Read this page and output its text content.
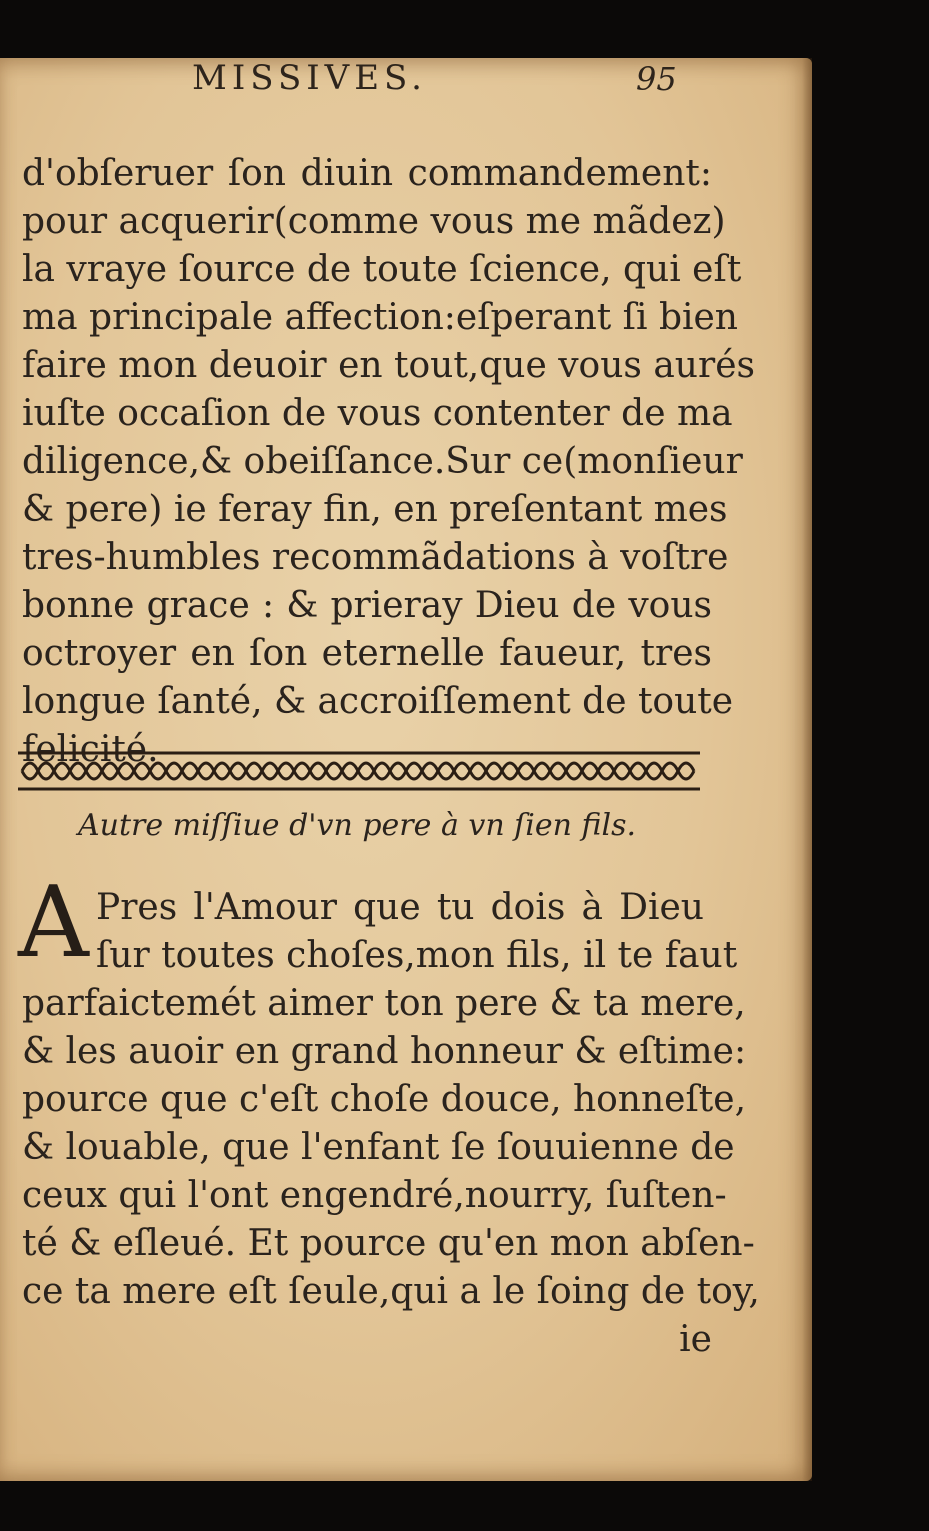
MISSIVES.	95
d'obſeruer ſon diuin commandement:
pour acquerir(comme vous me mãdez)
la vraye ſource de toute ſcience, qui eſt
ma principale affection:eſperant ſi bien
faire mon deuoir en tout,que vous aurés
iuſte occaſion de vous contenter de ma
diligence,& obeiſſance.Sur ce(monſieur
& pere) ie feray fin, en preſentant mes
tres-humbles recommãdations à voſtre
bonne grace : & prieray Dieu de vous
octroyer en ſon eternelle faueur, tres
longue ſanté, & accroiſſement de toute
felicité.
Autre miſſiue d'vn pere à vn ſien fils.
A Pres l'Amour que tu dois à Dieu
ſur toutes choſes,mon fils, il te faut
parfaictemét aimer ton pere & ta mere,
& les auoir en grand honneur & eſtime:
pource que c'eſt choſe douce, honneſte,
& louable, que l'enfant ſe ſouuienne de
ceux qui l'ont engendré,nourry, ſuſten-
té & eſleué. Et pource qu'en mon abſen-
ce ta mere eſt ſeule,qui a le ſoing de toy,
ie
